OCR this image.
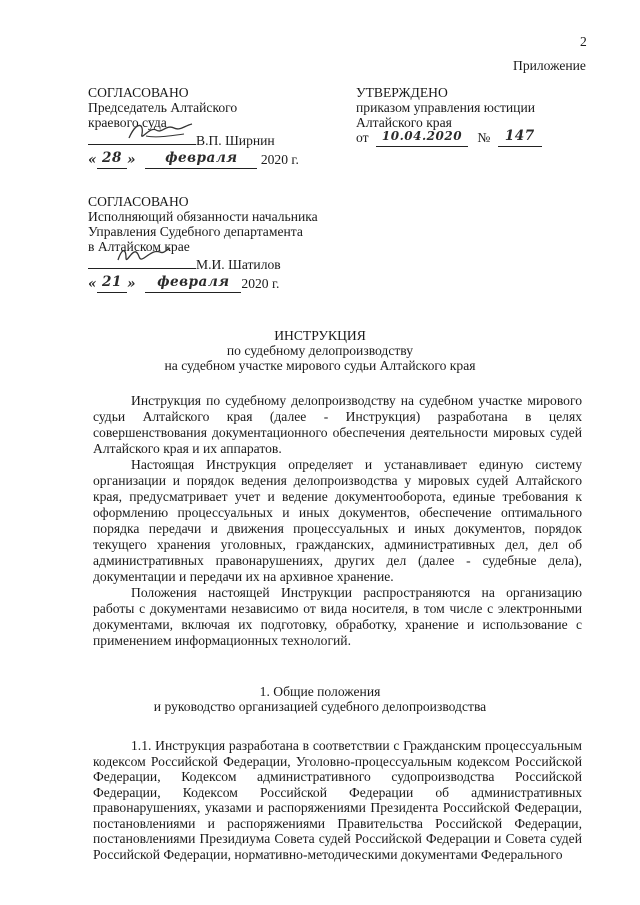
2
Приложение
СОГЛАСОВАНО
Председатель Алтайского
краевого суда
В.П. Ширнин
« 28 » февраля 2020 г.
УТВЕРЖДЕНО
приказом управления юстиции
Алтайского края
от 10.04.2020 № 147
СОГЛАСОВАНО
Исполняющий обязанности начальника
Управления Судебного департамента
в Алтайском крае
М.И. Шатилов
« 21 » февраля 2020 г.
ИНСТРУКЦИЯ
по судебному делопроизводству
на судебном участке мирового судьи Алтайского края

Инструкция по судебному делопроизводству на судебном участке мирового судьи Алтайского края (далее - Инструкция) разработана в целях совершенствования документационного обеспечения деятельности мировых судей Алтайского края и их аппаратов.

Настоящая Инструкция определяет и устанавливает единую систему организации и порядок ведения делопроизводства у мировых судей Алтайского края, предусматривает учет и ведение документооборота, единые требования к оформлению процессуальных и иных документов, обеспечение оптимального порядка передачи и движения процессуальных и иных документов, порядок текущего хранения уголовных, гражданских, административных дел, дел об административных правонарушениях, других дел (далее - судебные дела), документации и передачи их на архивное хранение.

Положения настоящей Инструкции распространяются на организацию работы с документами независимо от вида носителя, в том числе с электронными документами, включая их подготовку, обработку, хранение и использование с применением информационных технологий.

1. Общие положения
и руководство организацией судебного делопроизводства

1.1. Инструкция разработана в соответствии с Гражданским процессуальным кодексом Российской Федерации, Уголовно-процессуальным кодексом Российской Федерации, Кодексом административного судопроизводства Российской Федерации, Кодексом Российской Федерации об административных правонарушениях, указами и распоряжениями Президента Российской Федерации, постановлениями и распоряжениями Правительства Российской Федерации, постановлениями Президиума Совета судей Российской Федерации и Совета судей Российской Федерации, нормативно-методическими документами Федерального
